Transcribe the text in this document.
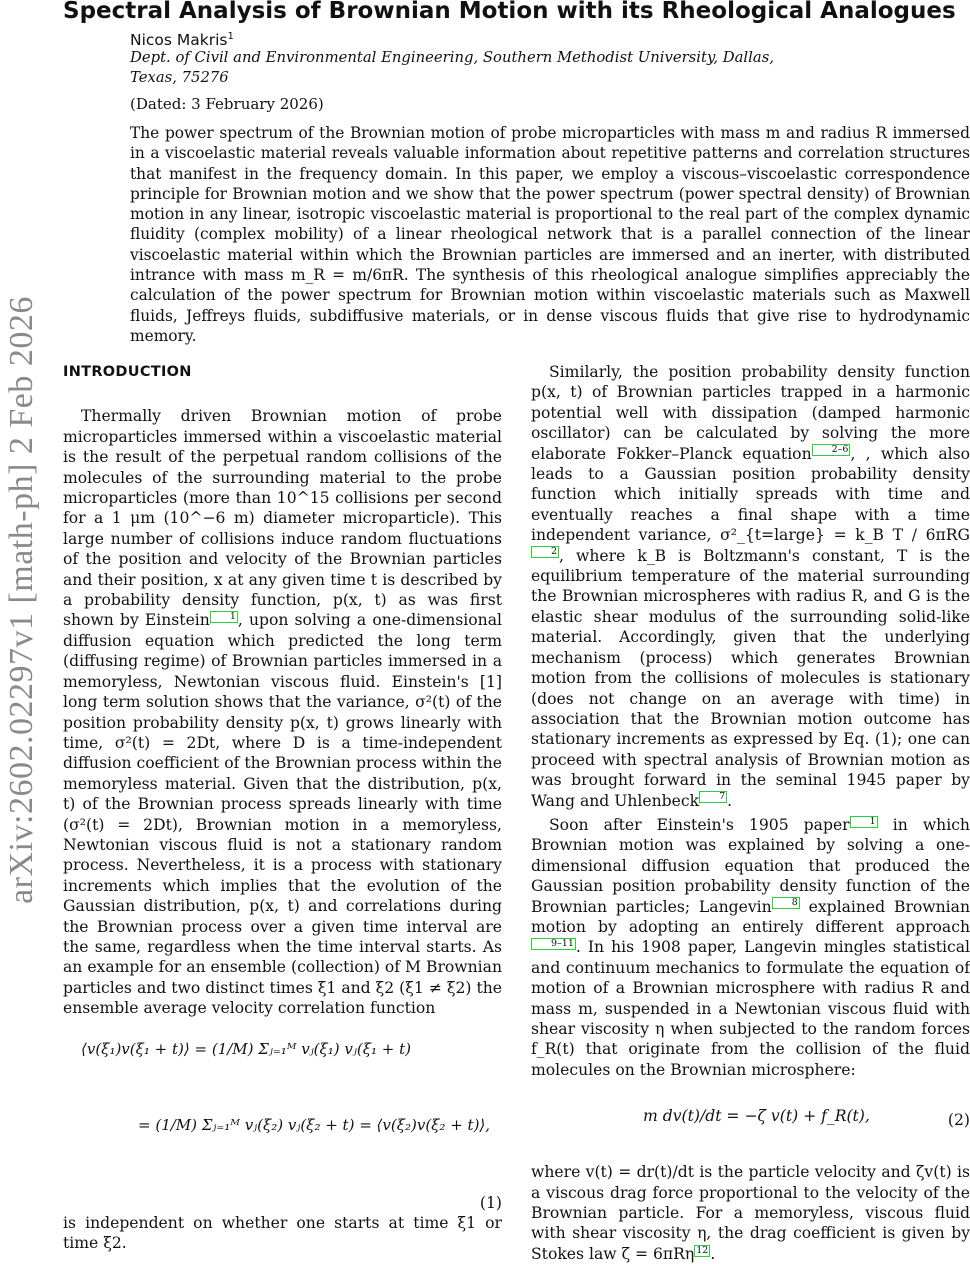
arXiv:2602.02297v1 [math-ph] 2 Feb 2026
Spectral Analysis of Brownian Motion with its Rheological Analogues
Nicos Makris$^1$
Dept. of Civil and Environmental Engineering, Southern Methodist University, Dallas, Texas, 75276
(Dated: 3 February 2026)

The power spectrum of the Brownian motion of probe microparticles with mass m and radius R immersed in a viscoelastic material reveals valuable information about repetitive patterns and correlation structures that manifest in the frequency domain. In this paper, we employ a viscous–viscoelastic correspondence principle for Brownian motion and we show that the power spectrum (power spectral density) of Brownian motion in any linear, isotropic viscoelastic material is proportional to the real part of the complex dynamic fluidity (complex mobility) of a linear rheological network that is a parallel connection of the linear viscoelastic material within which the Brownian particles are immersed and an inerter, with distributed intrance with mass m_R = m/6πR. The synthesis of this rheological analogue simplifies appreciably the calculation of the power spectrum for Brownian motion within viscoelastic materials such as Maxwell fluids, Jeffreys fluids, subdiffusive materials, or in dense viscous fluids that give rise to hydrodynamic memory.

INTRODUCTION

Thermally driven Brownian motion of probe microparticles immersed within a viscoelastic material is the result of the perpetual random collisions of the molecules of the surrounding material to the probe microparticles (more than 10^15 collisions per second for a 1 μm (10^−6 m) diameter microparticle). This large number of collisions induce random fluctuations of the position and velocity of the Brownian particles and their position, x at any given time t is described by a probability density function, p(x, t) as was first shown by Einstein 1 , upon solving a one-dimensional diffusion equation which predicted the long term (diffusing regime) of Brownian particles immersed in a memoryless, Newtonian viscous fluid. Einstein's [1] long term solution shows that the variance, σ²(t) of the position probability density p(x, t) grows linearly with time, σ²(t) = 2Dt, where D is a time-independent diffusion coefficient of the Brownian process within the memoryless material. Given that the distribution, p(x, t) of the Brownian process spreads linearly with time (σ²(t) = 2Dt), Brownian motion in a memoryless, Newtonian viscous fluid is not a stationary random process. Nevertheless, it is a process with stationary increments which implies that the evolution of the Gaussian distribution, p(x, t) and correlations during the Brownian process over a given time interval are the same, regardless when the time interval starts. As an example for an ensemble (collection) of M Brownian particles and two distinct times ξ1 and ξ2 (ξ1 ≠ ξ2) the ensemble average velocity correlation function

⟨v(ξ₁)v(ξ₁ + t)⟩ = (1/M) Σⱼ₌₁ᴹ vⱼ(ξ₁) vⱼ(ξ₁ + t)
= (1/M) Σⱼ₌₁ᴹ vⱼ(ξ₂) vⱼ(ξ₂ + t) = ⟨v(ξ₂)v(ξ₂ + t)⟩,
(1)

is independent on whether one starts at time ξ1 or time ξ2.

Similarly, the position probability density function p(x, t) of Brownian particles trapped in a harmonic potential well with dissipation (damped harmonic oscillator) can be calculated by solving the more elaborate Fokker–Planck equation 2–6 , , which also leads to a Gaussian position probability density function which initially spreads with time and eventually reaches a final shape with a time independent variance, σ²_{t=large} = k_B T / 6πRG2 , where k_B is Boltzmann's constant, T is the equilibrium temperature of the material surrounding the Brownian microspheres with radius R, and G is the elastic shear modulus of the surrounding solid-like material. Accordingly, given that the underlying mechanism (process) which generates Brownian motion from the collisions of molecules is stationary (does not change on an average with time) in association that the Brownian motion outcome has stationary increments as expressed by Eq. (1); one can proceed with spectral analysis of Brownian motion as was brought forward in the seminal 1945 paper by Wang and Uhlenbeck 7 .

Soon after Einstein's 1905 paper 1 in which Brownian motion was explained by solving a one-dimensional diffusion equation that produced the Gaussian position probability density function of the Brownian particles; Langevin 8 explained Brownian motion by adopting an entirely different approach9–11 . In his 1908 paper, Langevin mingles statistical and continuum mechanics to formulate the equation of motion of a Brownian microsphere with radius R and mass m, suspended in a Newtonian viscous fluid with shear viscosity η when subjected to the random forces f_R(t) that originate from the collision of the fluid molecules on the Brownian microsphere:

m dv(t)/dt = −ζ v(t) + f_R(t),	(2)

where v(t) = dr(t)/dt is the particle velocity and ζv(t) is a viscous drag force proportional to the velocity of the Brownian particle. For a memoryless, viscous fluid with shear viscosity η, the drag coefficient is given by Stokes law ζ = 6πRη 12 .
